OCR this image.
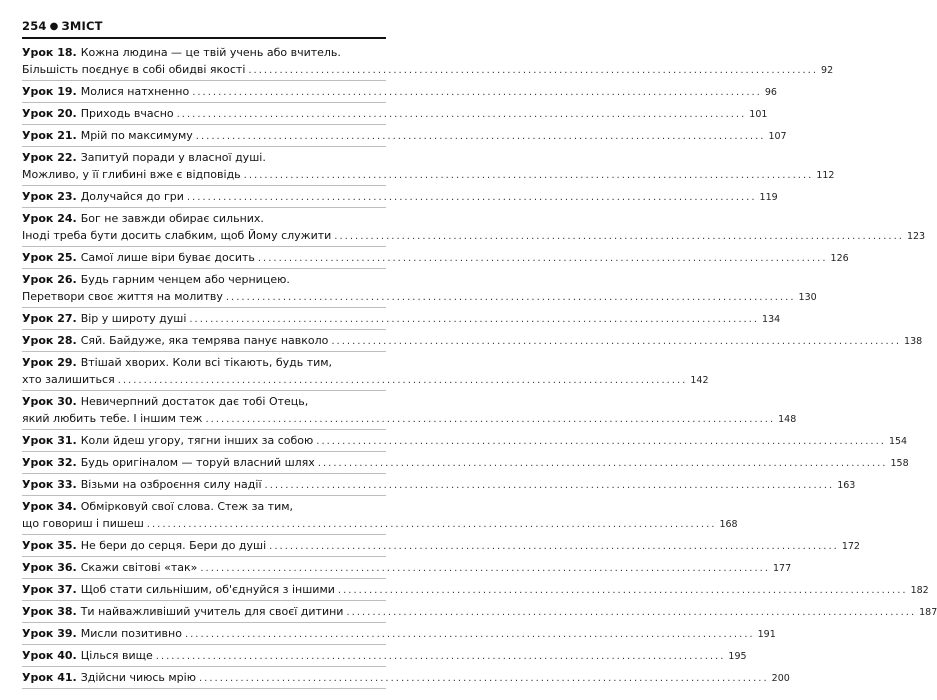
254 ● ЗМІСТ
Урок 18. Кожна людина — це твій учень або вчитель.
Більшість поєднує в собі обидві якості .....	92
Урок 19. Молися натхненно .....	96
Урок 20. Приходь вчасно .....	101
Урок 21. Мрій по максимуму .....	107
Урок 22. Запитуй поради у власної душі.
Можливо, у її глибині вже є відповідь .....	112
Урок 23. Долучайся до гри .....	119
Урок 24. Бог не завжди обирає сильних.
Іноді треба бути досить слабким, щоб Йому служити .....	123
Урок 25. Самої лише віри буває досить .....	126
Урок 26. Будь гарним ченцем або черницею.
Перетвори своє життя на молитву .....	130
Урок 27. Вір у широту душі .....	134
Урок 28. Сяй. Байдуже, яка темрява панує навколо .....	138
Урок 29. Втішай хворих. Коли всі тікають, будь тим,
хто залишиться .....	142
Урок 30. Невичерпний достаток дає тобі Отець,
який любить тебе. І іншим теж .....	148
Урок 31. Коли йдеш угору, тягни інших за собою .....	154
Урок 32. Будь оригіналом — торуй власний шлях .....	158
Урок 33. Візьми на озброєння силу надії .....	163
Урок 34. Обмірковуй свої слова. Стеж за тим,
що говориш і пишеш .....	168
Урок 35. Не бери до серця. Бери до душі .....	172
Урок 36. Скажи світові «так» .....	177
Урок 37. Щоб стати сильнішим, об'єднуйся з іншими .....	182
Урок 38. Ти найважливіший учитель для своєї дитини .....	187
Урок 39. Мисли позитивно .....	191
Урок 40. Цілься вище .....	195
Урок 41. Здійсни чиюсь мрію .....	200
